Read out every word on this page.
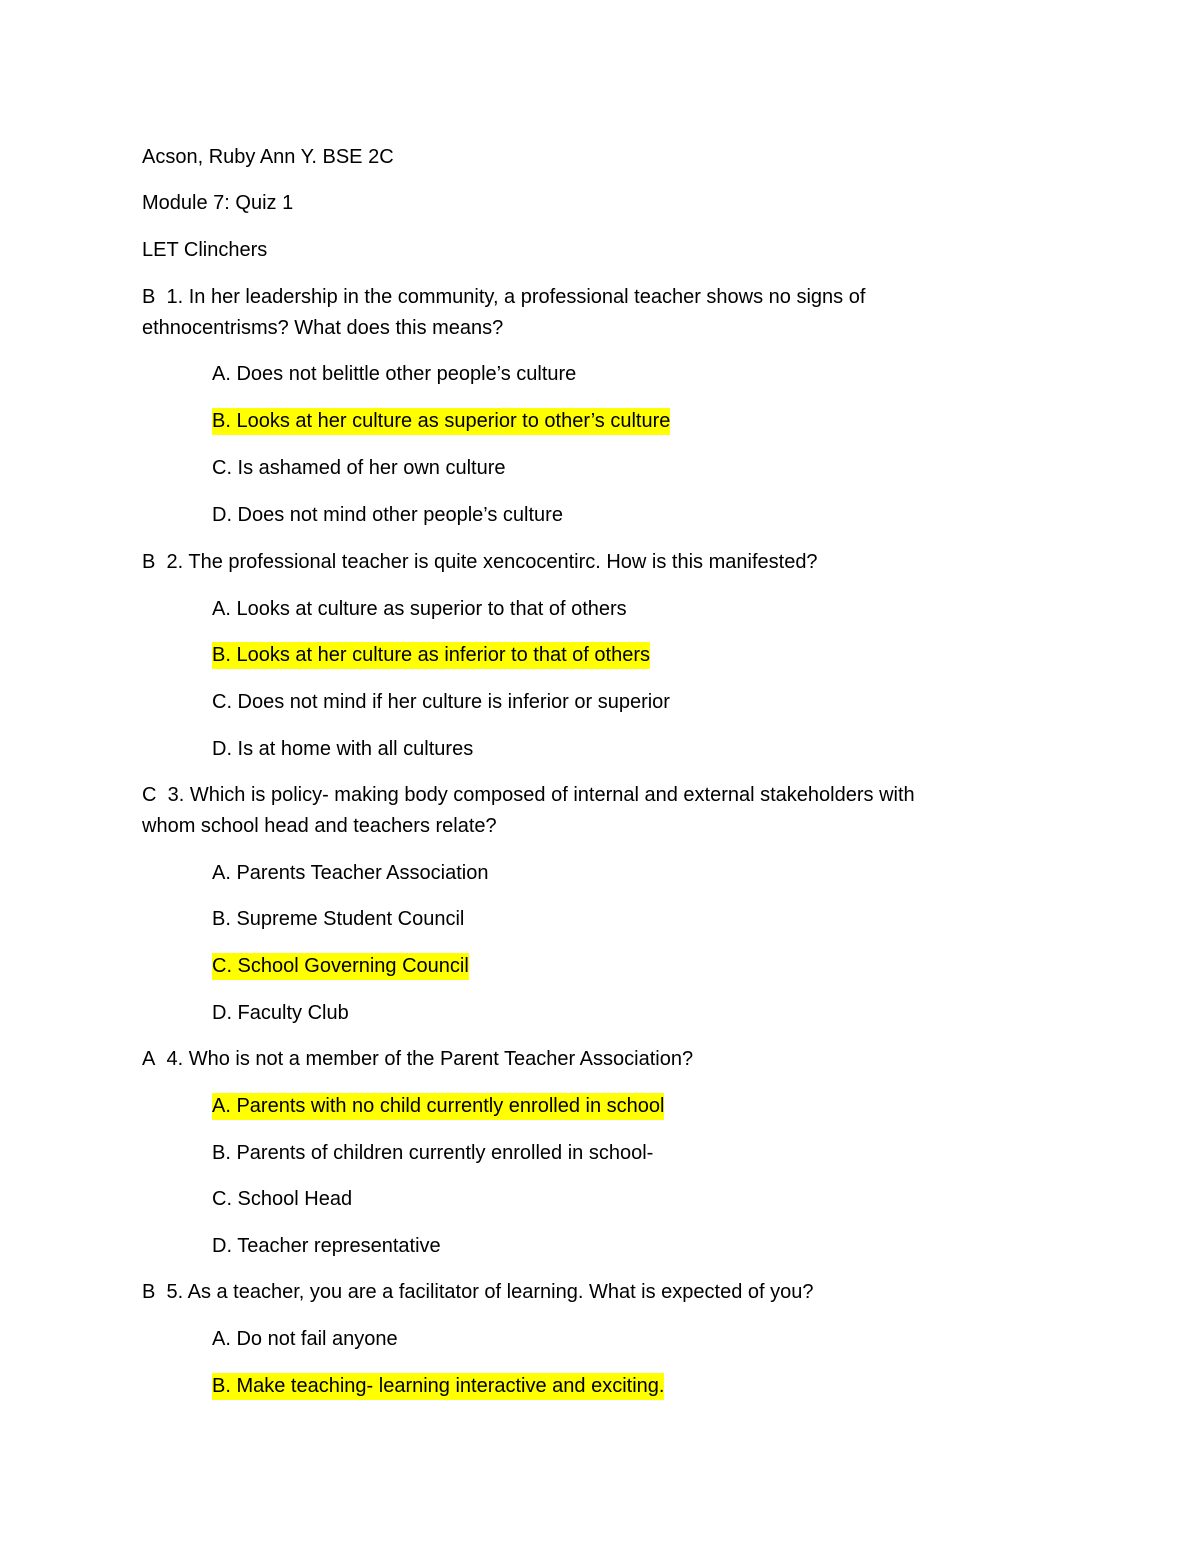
Acson, Ruby Ann Y. BSE 2C
Module 7: Quiz 1
LET Clinchers
B 1. In her leadership in the community, a professional teacher shows no signs of
ethnocentrisms? What does this means?
A. Does not belittle other people’s culture
B. Looks at her culture as superior to other’s culture
C. Is ashamed of her own culture
D. Does not mind other people’s culture
B 2. The professional teacher is quite xencocentirc. How is this manifested?
A. Looks at culture as superior to that of others
B. Looks at her culture as inferior to that of others
C. Does not mind if her culture is inferior or superior
D. Is at home with all cultures
C 3. Which is policy- making body composed of internal and external stakeholders with
whom school head and teachers relate?
A. Parents Teacher Association
B. Supreme Student Council
C. School Governing Council
D. Faculty Club
A 4. Who is not a member of the Parent Teacher Association?
A. Parents with no child currently enrolled in school
B. Parents of children currently enrolled in school-
C. School Head
D. Teacher representative
B 5. As a teacher, you are a facilitator of learning. What is expected of you?
A. Do not fail anyone
B. Make teaching- learning interactive and exciting.
